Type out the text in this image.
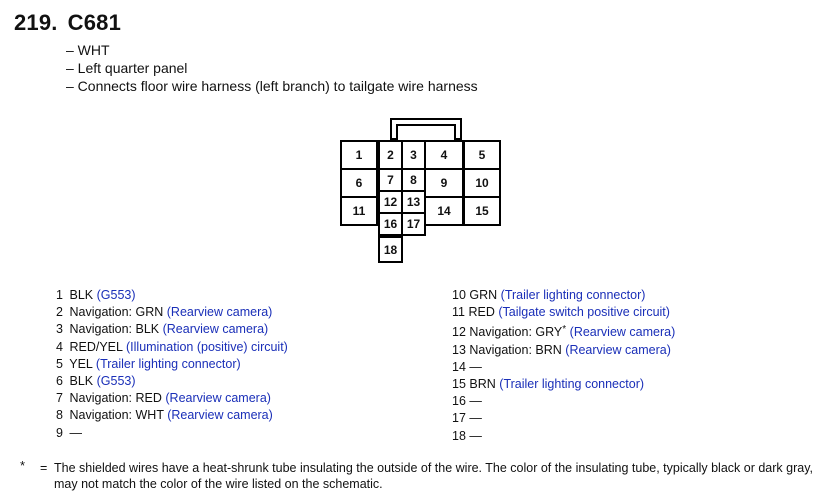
219. C681
– WHT
– Left quarter panel
– Connects floor wire harness (left branch) to tailgate wire harness
1	2	3	4	5
6	7	8	9	10
11
12 13
14	15
16 17
18
1 BLK (G553)
2 Navigation: GRN (Rearview camera)
3 Navigation: BLK (Rearview camera)
4 RED/YEL (Illumination (positive) circuit)
5 YEL (Trailer lighting connector)
6 BLK (G553)
7 Navigation: RED (Rearview camera)
8 Navigation: WHT (Rearview camera)
9 —
10 GRN (Trailer lighting connector)
11 RED (Tailgate switch positive circuit)
12 Navigation: GRY* (Rearview camera)
13 Navigation: BRN (Rearview camera)
14 —
15 BRN (Trailer lighting connector)
16 —
17 —
18 —
* = The shielded wires have a heat-shrunk tube insulating the outside of the wire. The color of the insulating tube, typically black or dark gray, may not match the color of the wire listed on the schematic.
